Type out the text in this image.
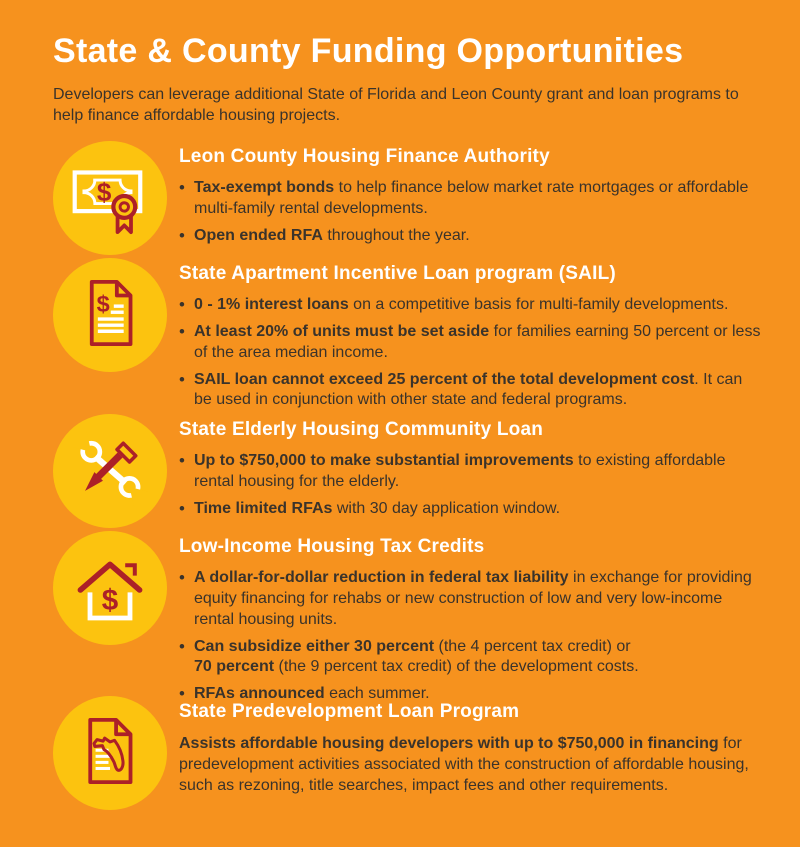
State & County Funding Opportunities

Developers can leverage additional State of Florida and Leon County grant and loan programs to help finance affordable housing projects.

$
Leon County Housing Finance Authority
• Tax-exempt bonds to help finance below market rate mortgages or affordable multi-family rental developments.
• Open ended RFA throughout the year.
$
State Apartment Incentive Loan program (SAIL)
• 0 - 1% interest loans on a competitive basis for multi-family developments.
• At least 20% of units must be set aside for families earning 50 percent or less of the area median income.
• SAIL loan cannot exceed 25 percent of the total development cost. It can be used in conjunction with other state and federal programs.
State Elderly Housing Community Loan
• Up to $750,000 to make substantial improvements to existing affordable rental housing for the elderly.
• Time limited RFAs with 30 day application window.
$
Low-Income Housing Tax Credits
• A dollar-for-dollar reduction in federal tax liability in exchange for providing equity financing for rehabs or new construction of low and very low-income rental housing units.
• Can subsidize either 30 percent (the 4 percent tax credit) or
70 percent (the 9 percent tax credit) of the development costs.
• RFAs announced each summer.
State Predevelopment Loan Program
Assists affordable housing developers with up to $750,000 in financing for predevelopment activities associated with the construction of affordable housing, such as rezoning, title searches, impact fees and other requirements.
